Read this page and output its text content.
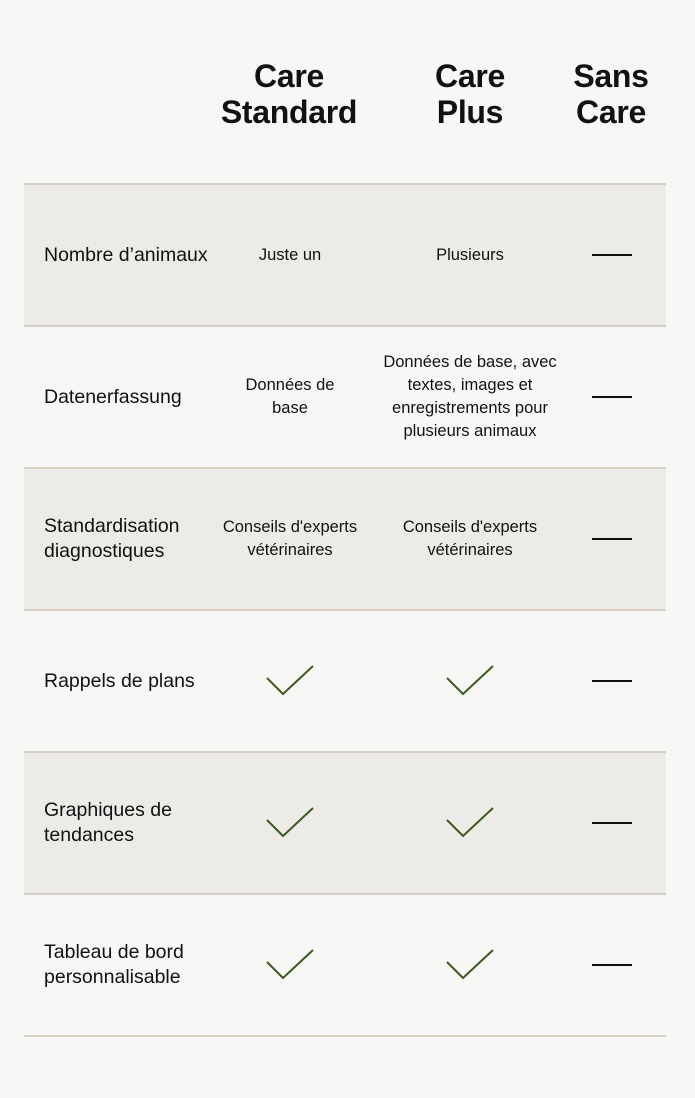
Care
Standard
Care
Plus
Sans
Care
Nombre d’animaux	Juste un	Plusieurs
Datenerfassung
Données de base
Données de base, avec textes, images et enregistrements pour plusieurs animaux
Standardisation diagnostiques
Conseils d'experts vétérinaires
Conseils d'experts vétérinaires
Rappels de plans
Graphiques de tendances
Tableau de bord personnalisable
